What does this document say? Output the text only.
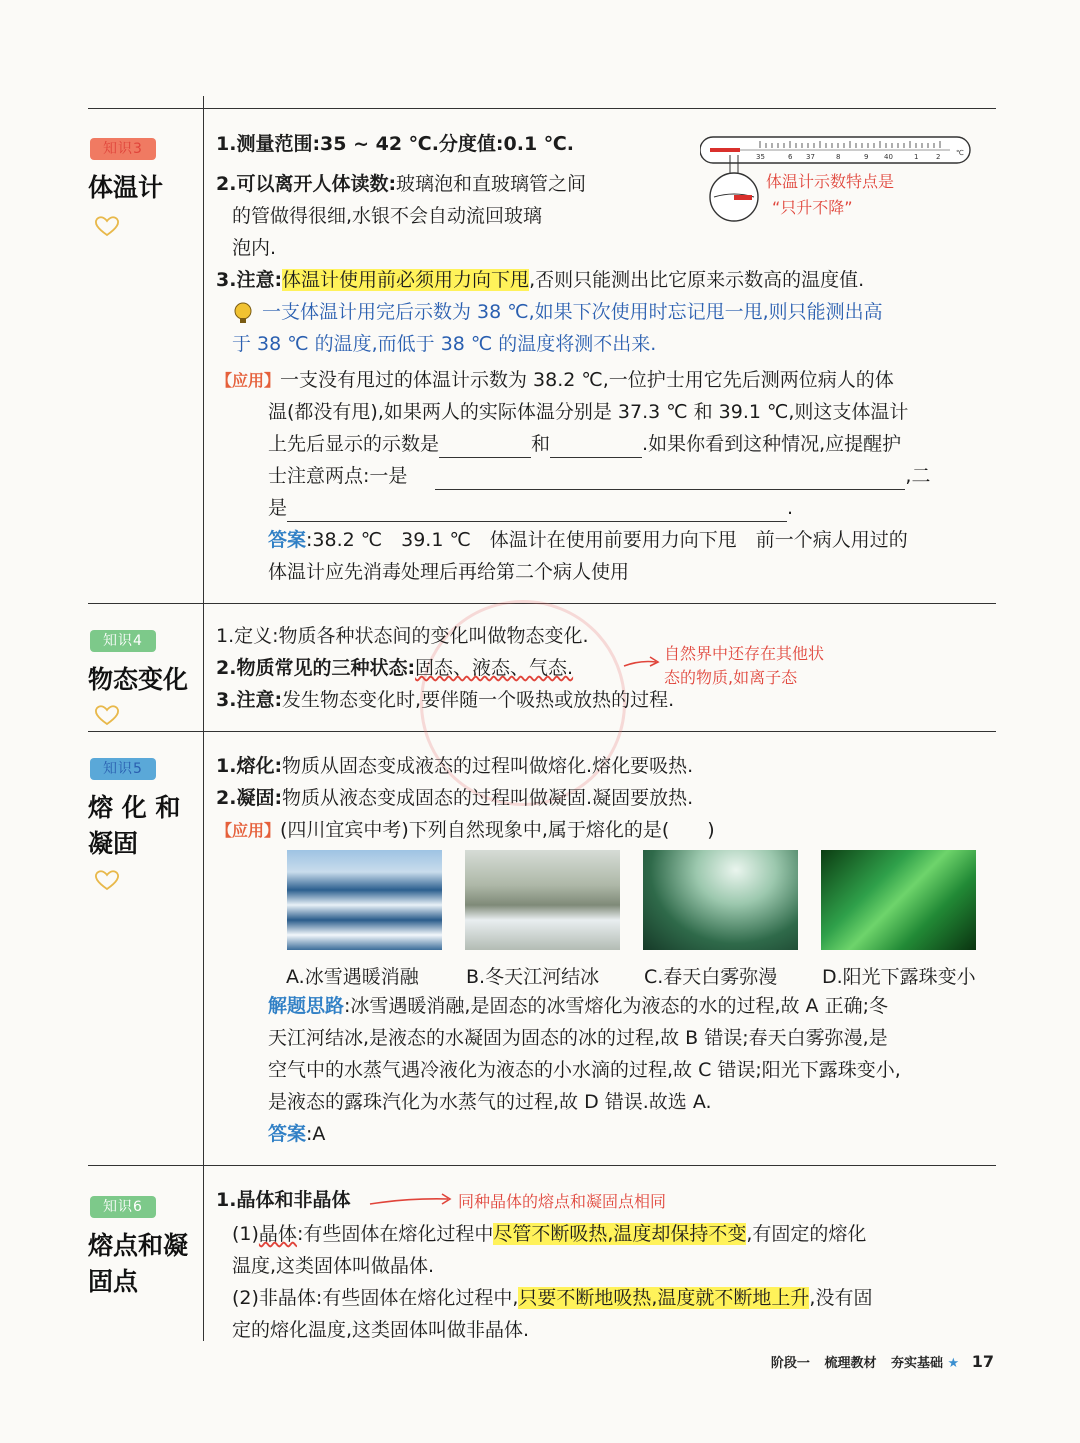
知识3
体温计
1.测量范围:35 ~ 42 ℃.分度值:0.1 ℃.
2.可以离开人体读数:玻璃泡和直玻璃管之间
的管做得很细,水银不会自动流回玻璃
泡内.
35	6 37	8	9 40	1	2 ℃
体温计示数特点是
“只升不降”
3.注意:体温计使用前必须用力向下甩,否则只能测出比它原来示数高的温度值.
一支体温计用完后示数为 38 ℃,如果下次使用时忘记甩一甩,则只能测出高
于 38 ℃ 的温度,而低于 38 ℃ 的温度将测不出来.
【应用】一支没有甩过的体温计示数为 38.2 ℃,一位护士用它先后测两位病人的体
温(都没有甩),如果两人的实际体温分别是 37.3 ℃ 和 39.1 ℃,则这支体温计
上先后显示的示数是	和	.如果你看到这种情况,应提醒护
士注意两点:一是	,二
是	.
答案:38.2 ℃　39.1 ℃　体温计在使用前要用力向下甩　前一个病人用过的
体温计应先消毒处理后再给第二个病人使用
知识4
物态变化
1.定义:物质各种状态间的变化叫做物态变化.
2.物质常见的三种状态:固态、液态、气态.
自然界中还存在其他状
态的物质,如离子态
3.注意:发生物态变化时,要伴随一个吸热或放热的过程.
知识5
熔 化 和
凝固
1.熔化:物质从固态变成液态的过程叫做熔化.熔化要吸热.
2.凝固:物质从液态变成固态的过程叫做凝固.凝固要放热.
【应用】(四川宜宾中考)下列自然现象中,属于熔化的是(　　)
A.冰雪遇暖消融 B.冬天江河结冰 C.春天白雾弥漫 D.阳光下露珠变小
解题思路:冰雪遇暖消融,是固态的冰雪熔化为液态的水的过程,故 A 正确;冬
天江河结冰,是液态的水凝固为固态的冰的过程,故 B 错误;春天白雾弥漫,是
空气中的水蒸气遇冷液化为液态的小水滴的过程,故 C 错误;阳光下露珠变小,
是液态的露珠汽化为水蒸气的过程,故 D 错误.故选 A.
答案:A
知识6
熔点和凝
固点
1.晶体和非晶体	同种晶体的熔点和凝固点相同
(1)晶体:有些固体在熔化过程中尽管不断吸热,温度却保持不变,有固定的熔化
温度,这类固体叫做晶体.
(2)非晶体:有些固体在熔化过程中,只要不断地吸热,温度就不断地上升,没有固
定的熔化温度,这类固体叫做非晶体.
阶段一 梳理教材 夯实基础 ★ 17
